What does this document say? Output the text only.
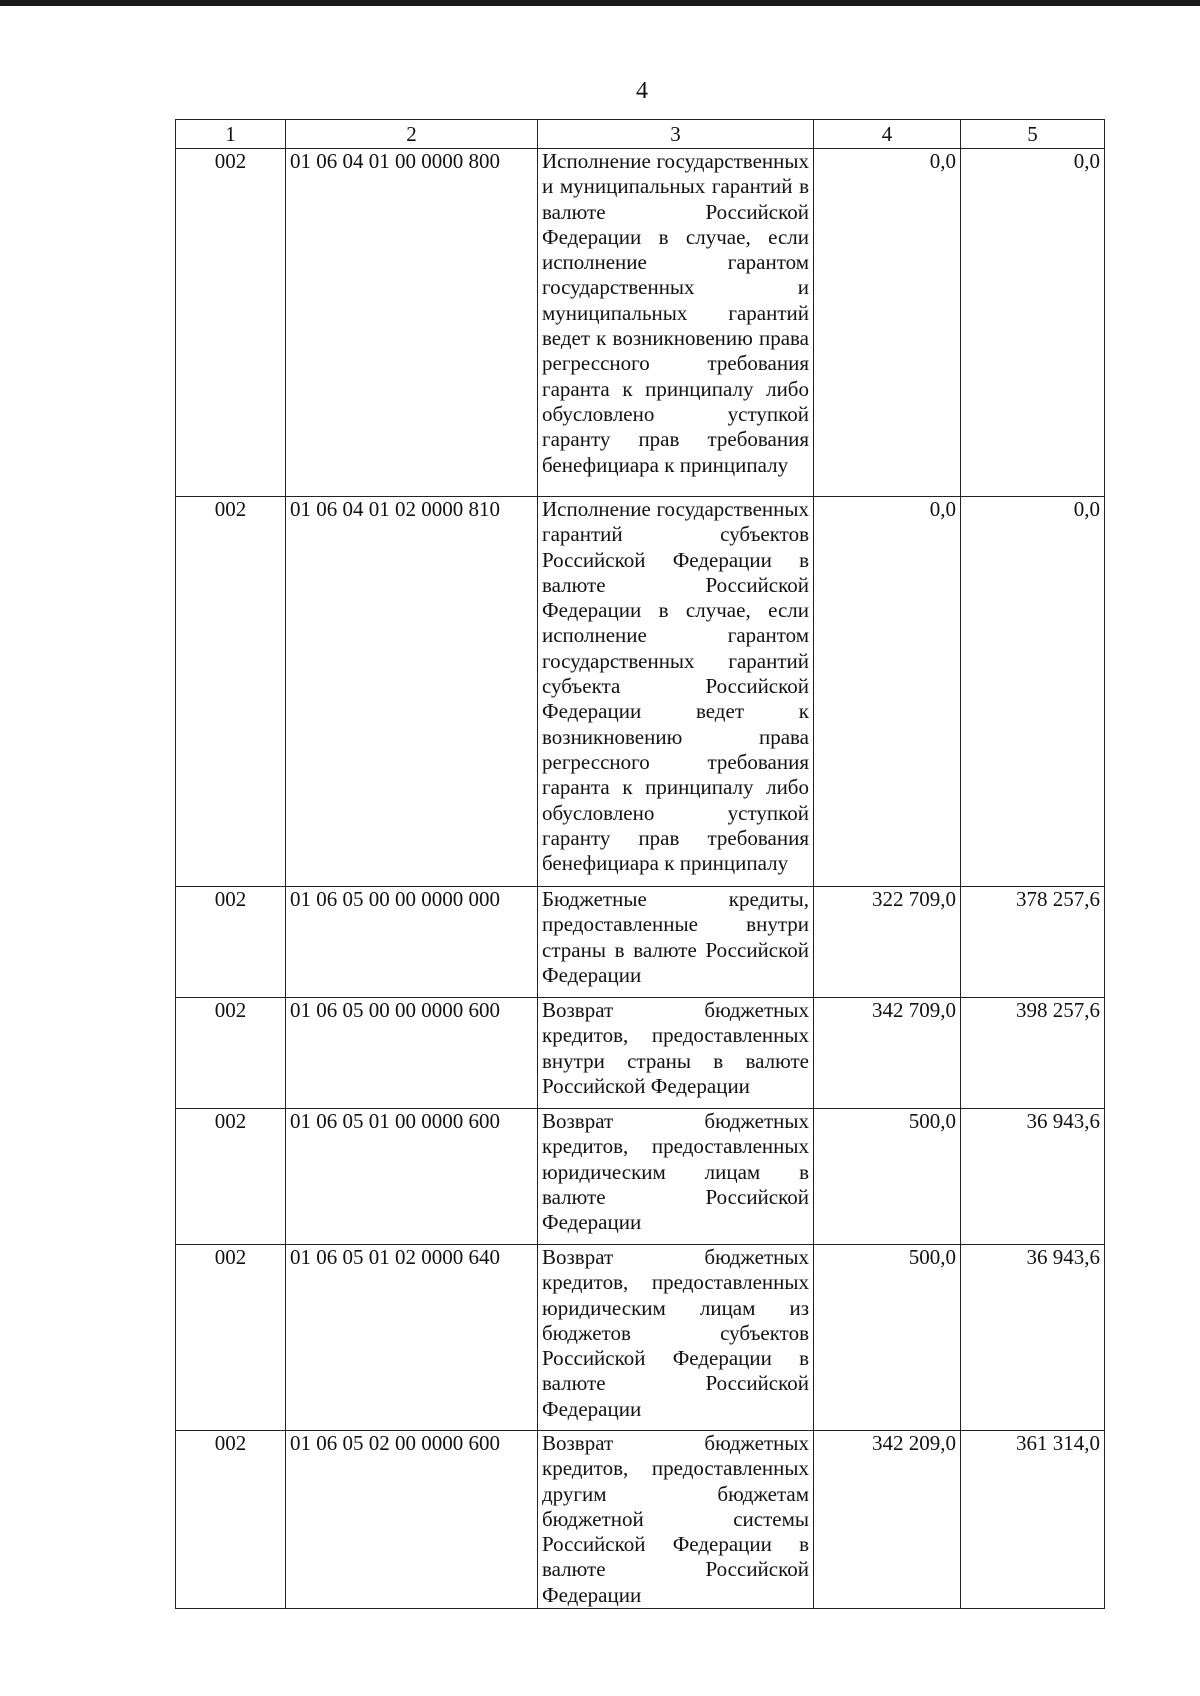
4
1	2	3	4	5
002	01 06 04 01 00 0000 800	Исполнение государственных и муниципальных гарантий в валюте Российской Федерации в случае, если исполнение гарантом государственных и муниципальных гарантий ведет к возникновению права регрессного требования гаранта к принципалу либо обусловлено уступкой гаранту прав требования бенефициара к принципалу	0,0	0,0
002	01 06 04 01 02 0000 810	Исполнение государственных гарантий субъектов Российской Федерации в валюте Российской Федерации в случае, если исполнение гарантом государственных гарантий субъекта Российской Федерации ведет к возникновению права регрессного требования гаранта к принципалу либо обусловлено уступкой гаранту прав требования бенефициара к принципалу	0,0	0,0
002	01 06 05 00 00 0000 000	Бюджетные кредиты, предоставленные внутри страны в валюте Российской Федерации	322 709,0	378 257,6
002	01 06 05 00 00 0000 600	Возврат бюджетных кредитов, предоставленных внутри страны в валюте Российской Федерации	342 709,0	398 257,6
002	01 06 05 01 00 0000 600	Возврат бюджетных кредитов, предоставленных юридическим лицам в валюте Российской Федерации	500,0	36 943,6
002	01 06 05 01 02 0000 640	Возврат бюджетных кредитов, предоставленных юридическим лицам из бюджетов субъектов Российской Федерации в валюте Российской Федерации	500,0	36 943,6
002	01 06 05 02 00 0000 600	Возврат бюджетных кредитов, предоставленных другим бюджетам бюджетной системы Российской Федерации в валюте Российской Федерации	342 209,0	361 314,0
